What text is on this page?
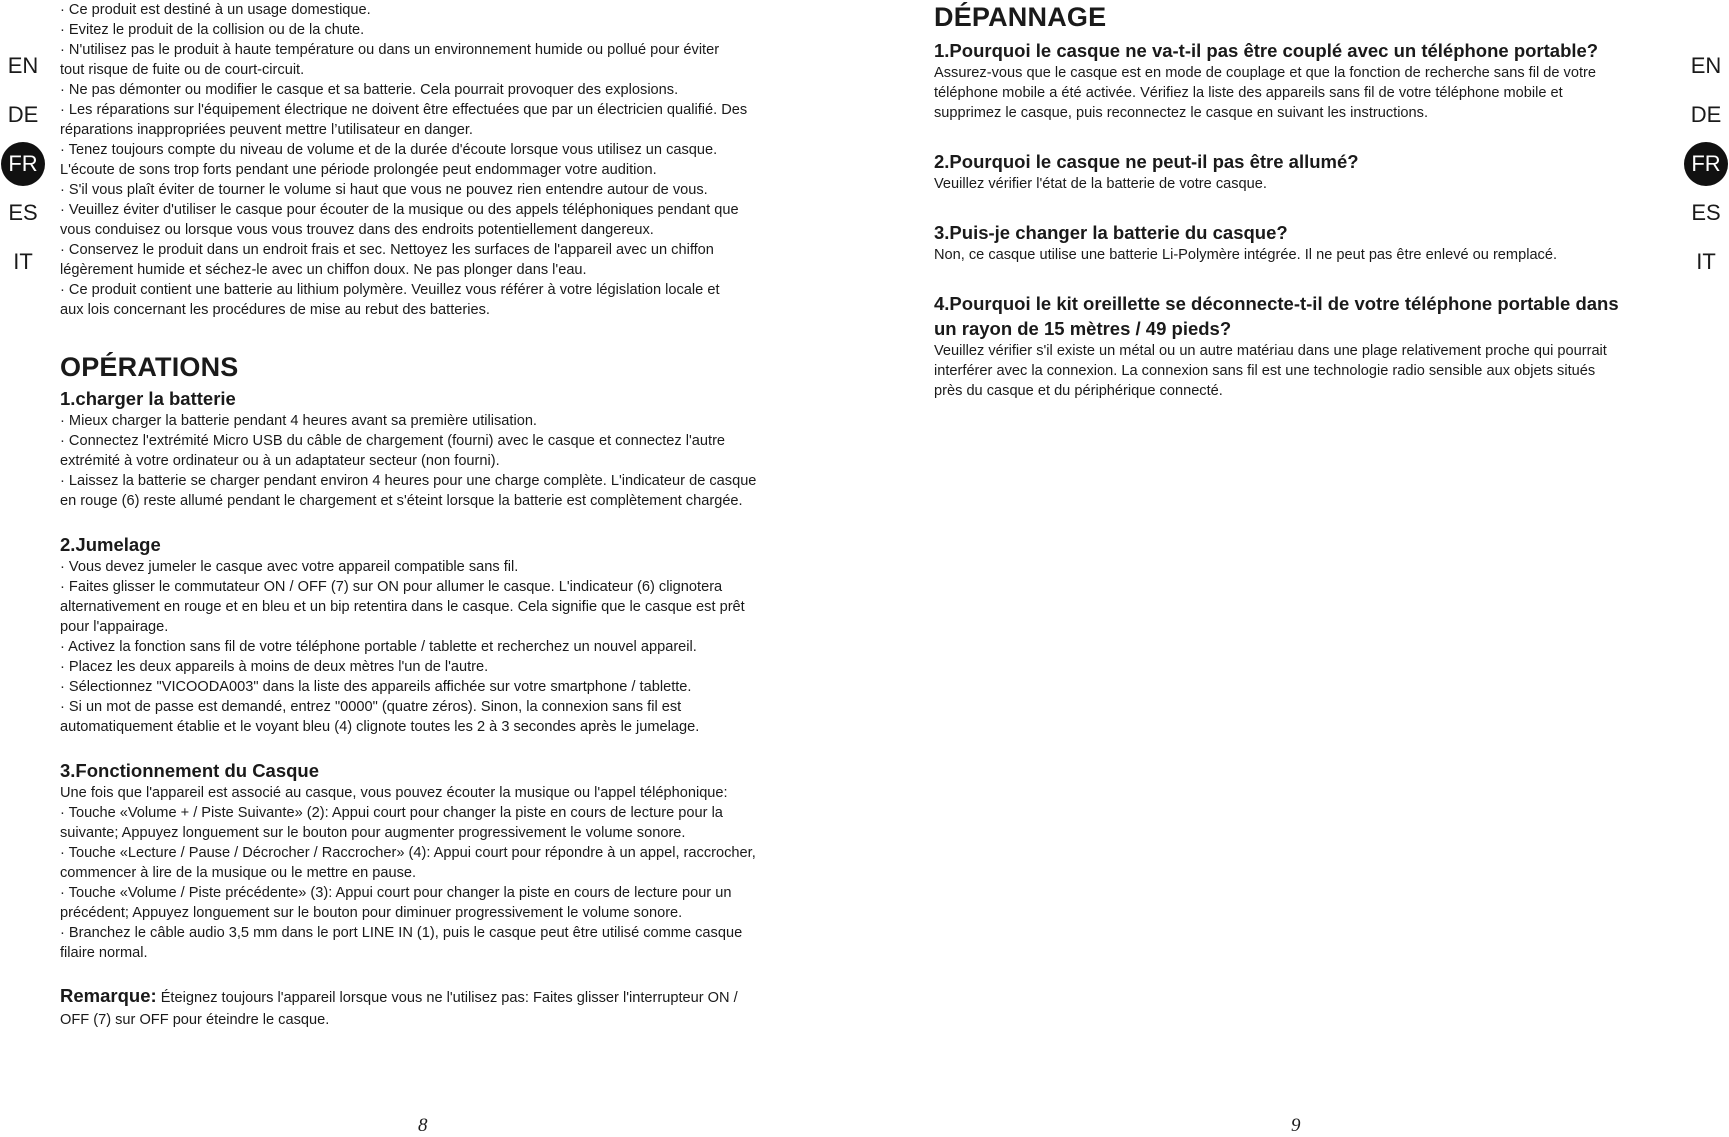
EN
DE
FR
ES
IT
EN
DE
FR
ES
IT

· Ce produit est destiné à un usage domestique.

· Evitez le produit de la collision ou de la chute.

· N'utilisez pas le produit à haute température ou dans un environnement humide ou pollué pour éviter

tout risque de fuite ou de court-circuit.

· Ne pas démonter ou modifier le casque et sa batterie. Cela pourrait provoquer des explosions.

· Les réparations sur l'équipement électrique ne doivent être effectuées que par un électricien qualifié. Des

réparations inappropriées peuvent mettre l’utilisateur en danger.

· Tenez toujours compte du niveau de volume et de la durée d'écoute lorsque vous utilisez un casque.

L'écoute de sons trop forts pendant une période prolongée peut endommager votre audition.

· S'il vous plaît éviter de tourner le volume si haut que vous ne pouvez rien entendre autour de vous.

· Veuillez éviter d'utiliser le casque pour écouter de la musique ou des appels téléphoniques pendant que

vous conduisez ou lorsque vous vous trouvez dans des endroits potentiellement dangereux.

· Conservez le produit dans un endroit frais et sec. Nettoyez les surfaces de l'appareil avec un chiffon

légèrement humide et séchez-le avec un chiffon doux. Ne pas plonger dans l'eau.

· Ce produit contient une batterie au lithium polymère. Veuillez vous référer à votre législation locale et

aux lois concernant les procédures de mise au rebut des batteries.

OPÉRATIONS
1.charger la batterie

· Mieux charger la batterie pendant 4 heures avant sa première utilisation.

· Connectez l'extrémité Micro USB du câble de chargement (fourni) avec le casque et connectez l'autre

extrémité à votre ordinateur ou à un adaptateur secteur (non fourni).

· Laissez la batterie se charger pendant environ 4 heures pour une charge complète. L'indicateur de casque

en rouge (6) reste allumé pendant le chargement et s'éteint lorsque la batterie est complètement chargée.

2.Jumelage

· Vous devez jumeler le casque avec votre appareil compatible sans fil.

· Faites glisser le commutateur ON / OFF (7) sur ON pour allumer le casque. L'indicateur (6) clignotera

alternativement en rouge et en bleu et un bip retentira dans le casque. Cela signifie que le casque est prêt

pour l'appairage.

· Activez la fonction sans fil de votre téléphone portable / tablette et recherchez un nouvel appareil.

· Placez les deux appareils à moins de deux mètres l'un de l'autre.

· Sélectionnez "VICOODA003" dans la liste des appareils affichée sur votre smartphone / tablette.

· Si un mot de passe est demandé, entrez "0000" (quatre zéros). Sinon, la connexion sans fil est

automatiquement établie et le voyant bleu (4) clignote toutes les 2 à 3 secondes après le jumelage.

3.Fonctionnement du Casque

Une fois que l'appareil est associé au casque, vous pouvez écouter la musique ou l'appel téléphonique:

· Touche «Volume + / Piste Suivante» (2): Appui court pour changer la piste en cours de lecture pour la

suivante; Appuyez longuement sur le bouton pour augmenter progressivement le volume sonore.

· Touche «Lecture / Pause / Décrocher / Raccrocher» (4): Appui court pour répondre à un appel, raccrocher,

commencer à lire de la musique ou le mettre en pause.

· Touche «Volume / Piste précédente» (3): Appui court pour changer la piste en cours de lecture pour un

précédent; Appuyez longuement sur le bouton pour diminuer progressivement le volume sonore.

· Branchez le câble audio 3,5 mm dans le port LINE IN (1), puis le casque peut être utilisé comme casque

filaire normal.

Remarque: Éteignez toujours l'appareil lorsque vous ne l'utilisez pas: Faites glisser l'interrupteur ON /

OFF (7) sur OFF pour éteindre le casque.

DÉPANNAGE
1.Pourquoi le casque ne va-t-il pas être couplé avec un téléphone portable?

Assurez-vous que le casque est en mode de couplage et que la fonction de recherche sans fil de votre

téléphone mobile a été activée. Vérifiez la liste des appareils sans fil de votre téléphone mobile et

supprimez le casque, puis reconnectez le casque en suivant les instructions.

2.Pourquoi le casque ne peut-il pas être allumé?

Veuillez vérifier l'état de la batterie de votre casque.

3.Puis-je changer la batterie du casque?

Non, ce casque utilise une batterie Li-Polymère intégrée. Il ne peut pas être enlevé ou remplacé.

4.Pourquoi le kit oreillette se déconnecte-t-il de votre téléphone portable dans
un rayon de 15 mètres / 49 pieds?

Veuillez vérifier s'il existe un métal ou un autre matériau dans une plage relativement proche qui pourrait

interférer avec la connexion. La connexion sans fil est une technologie radio sensible aux objets situés

près du casque et du périphérique connecté.

8	9
